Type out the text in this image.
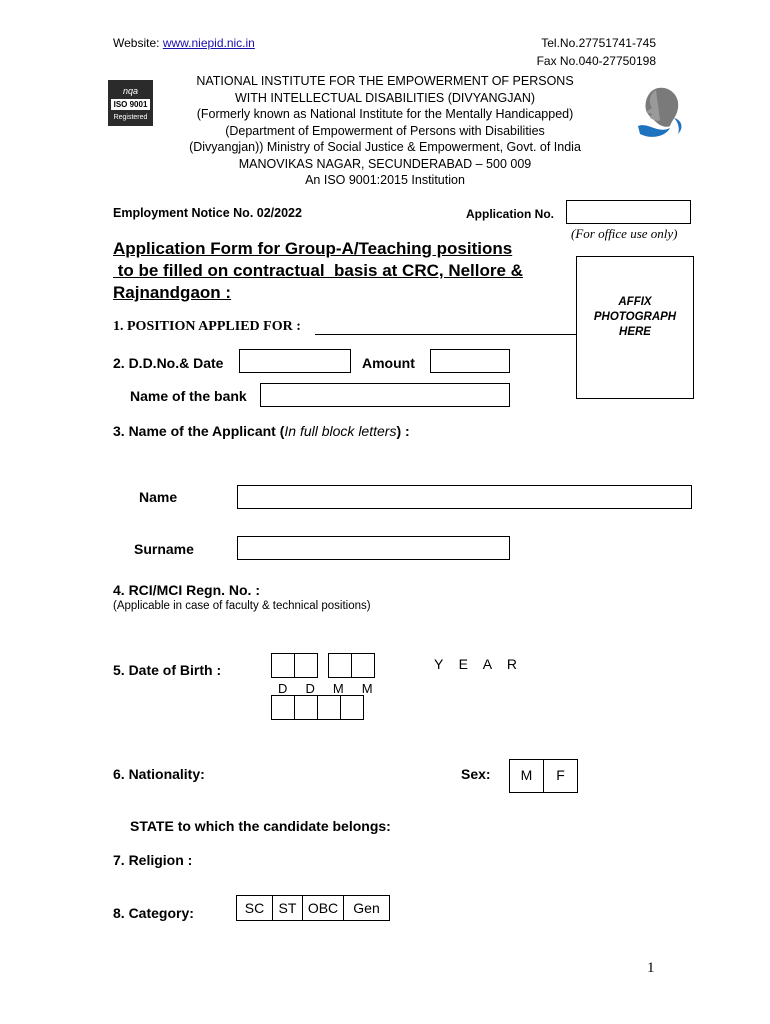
Website: www.niepid.nic.in	Tel.No.27751741-745
Fax No.040-27750198
nqa
ISO 9001
Registered
NATIONAL INSTITUTE FOR THE EMPOWERMENT OF PERSONS
WITH INTELLECTUAL DISABILITIES (DIVYANGJAN)
(Formerly known as National Institute for the Mentally Handicapped)
(Department of Empowerment of Persons with Disabilities
(Divyangjan)) Ministry of Social Justice & Empowerment, Govt. of India
MANOVIKAS NAGAR, SECUNDERABAD – 500 009
An ISO 9001:2015 Institution
Employment Notice No. 02/2022	Application No.
(For office use only)
Application Form for Group-A/Teaching positions
to be filled on contractual  basis at CRC, Nellore &
Rajnandgaon :	AFFIX
PHOTOGRAPH
HERE
1. POSITION APPLIED FOR :
2. D.D.No.& Date	Amount
Name of the bank
3. Name of the Applicant (In full block letters) :
Name
Surname
4. RCI/MCI Regn. No. :
(Applicable in case of faculty & technical positions)
5. Date of Birth :
D     D     M     M
Y    E    A    R
6. Nationality:	Sex:	M	F
STATE to which the candidate belongs:
7. Religion :
8. Category:	SC	ST OBC	Gen
1
